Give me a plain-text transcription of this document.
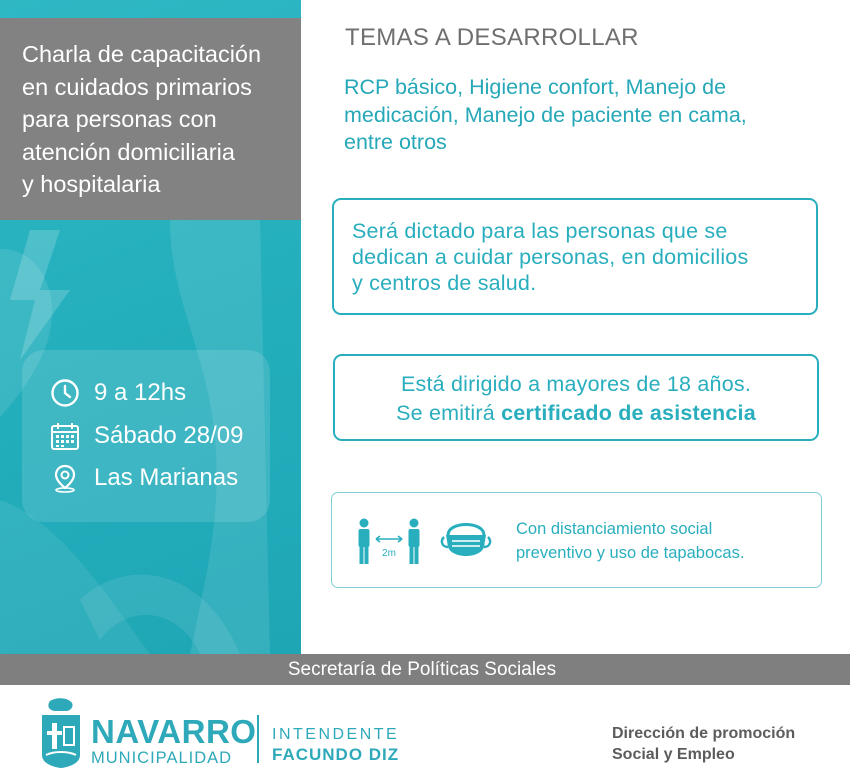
Charla de capacitación
en cuidados primarios
para personas con
atención domiciliaria
y hospitalaria
9 a 12hs
Sábado 28/09
Las Marianas
TEMAS A DESARROLLAR
RCP básico, Higiene confort, Manejo de
medicación, Manejo de paciente en cama,
entre otros
Será dictado para las personas que se
dedican a cuidar personas, en domicilios
y centros de salud.
Está dirigido a mayores de 18 años.
Se emitirá certificado de asistencia
2m
Con distanciamiento social
preventivo y uso de tapabocas.
Secretaría de Políticas Sociales
NAVARRO
MUNICIPALIDAD
INTENDENTE
FACUNDO DIZ
Dirección de promoción
Social y Empleo
